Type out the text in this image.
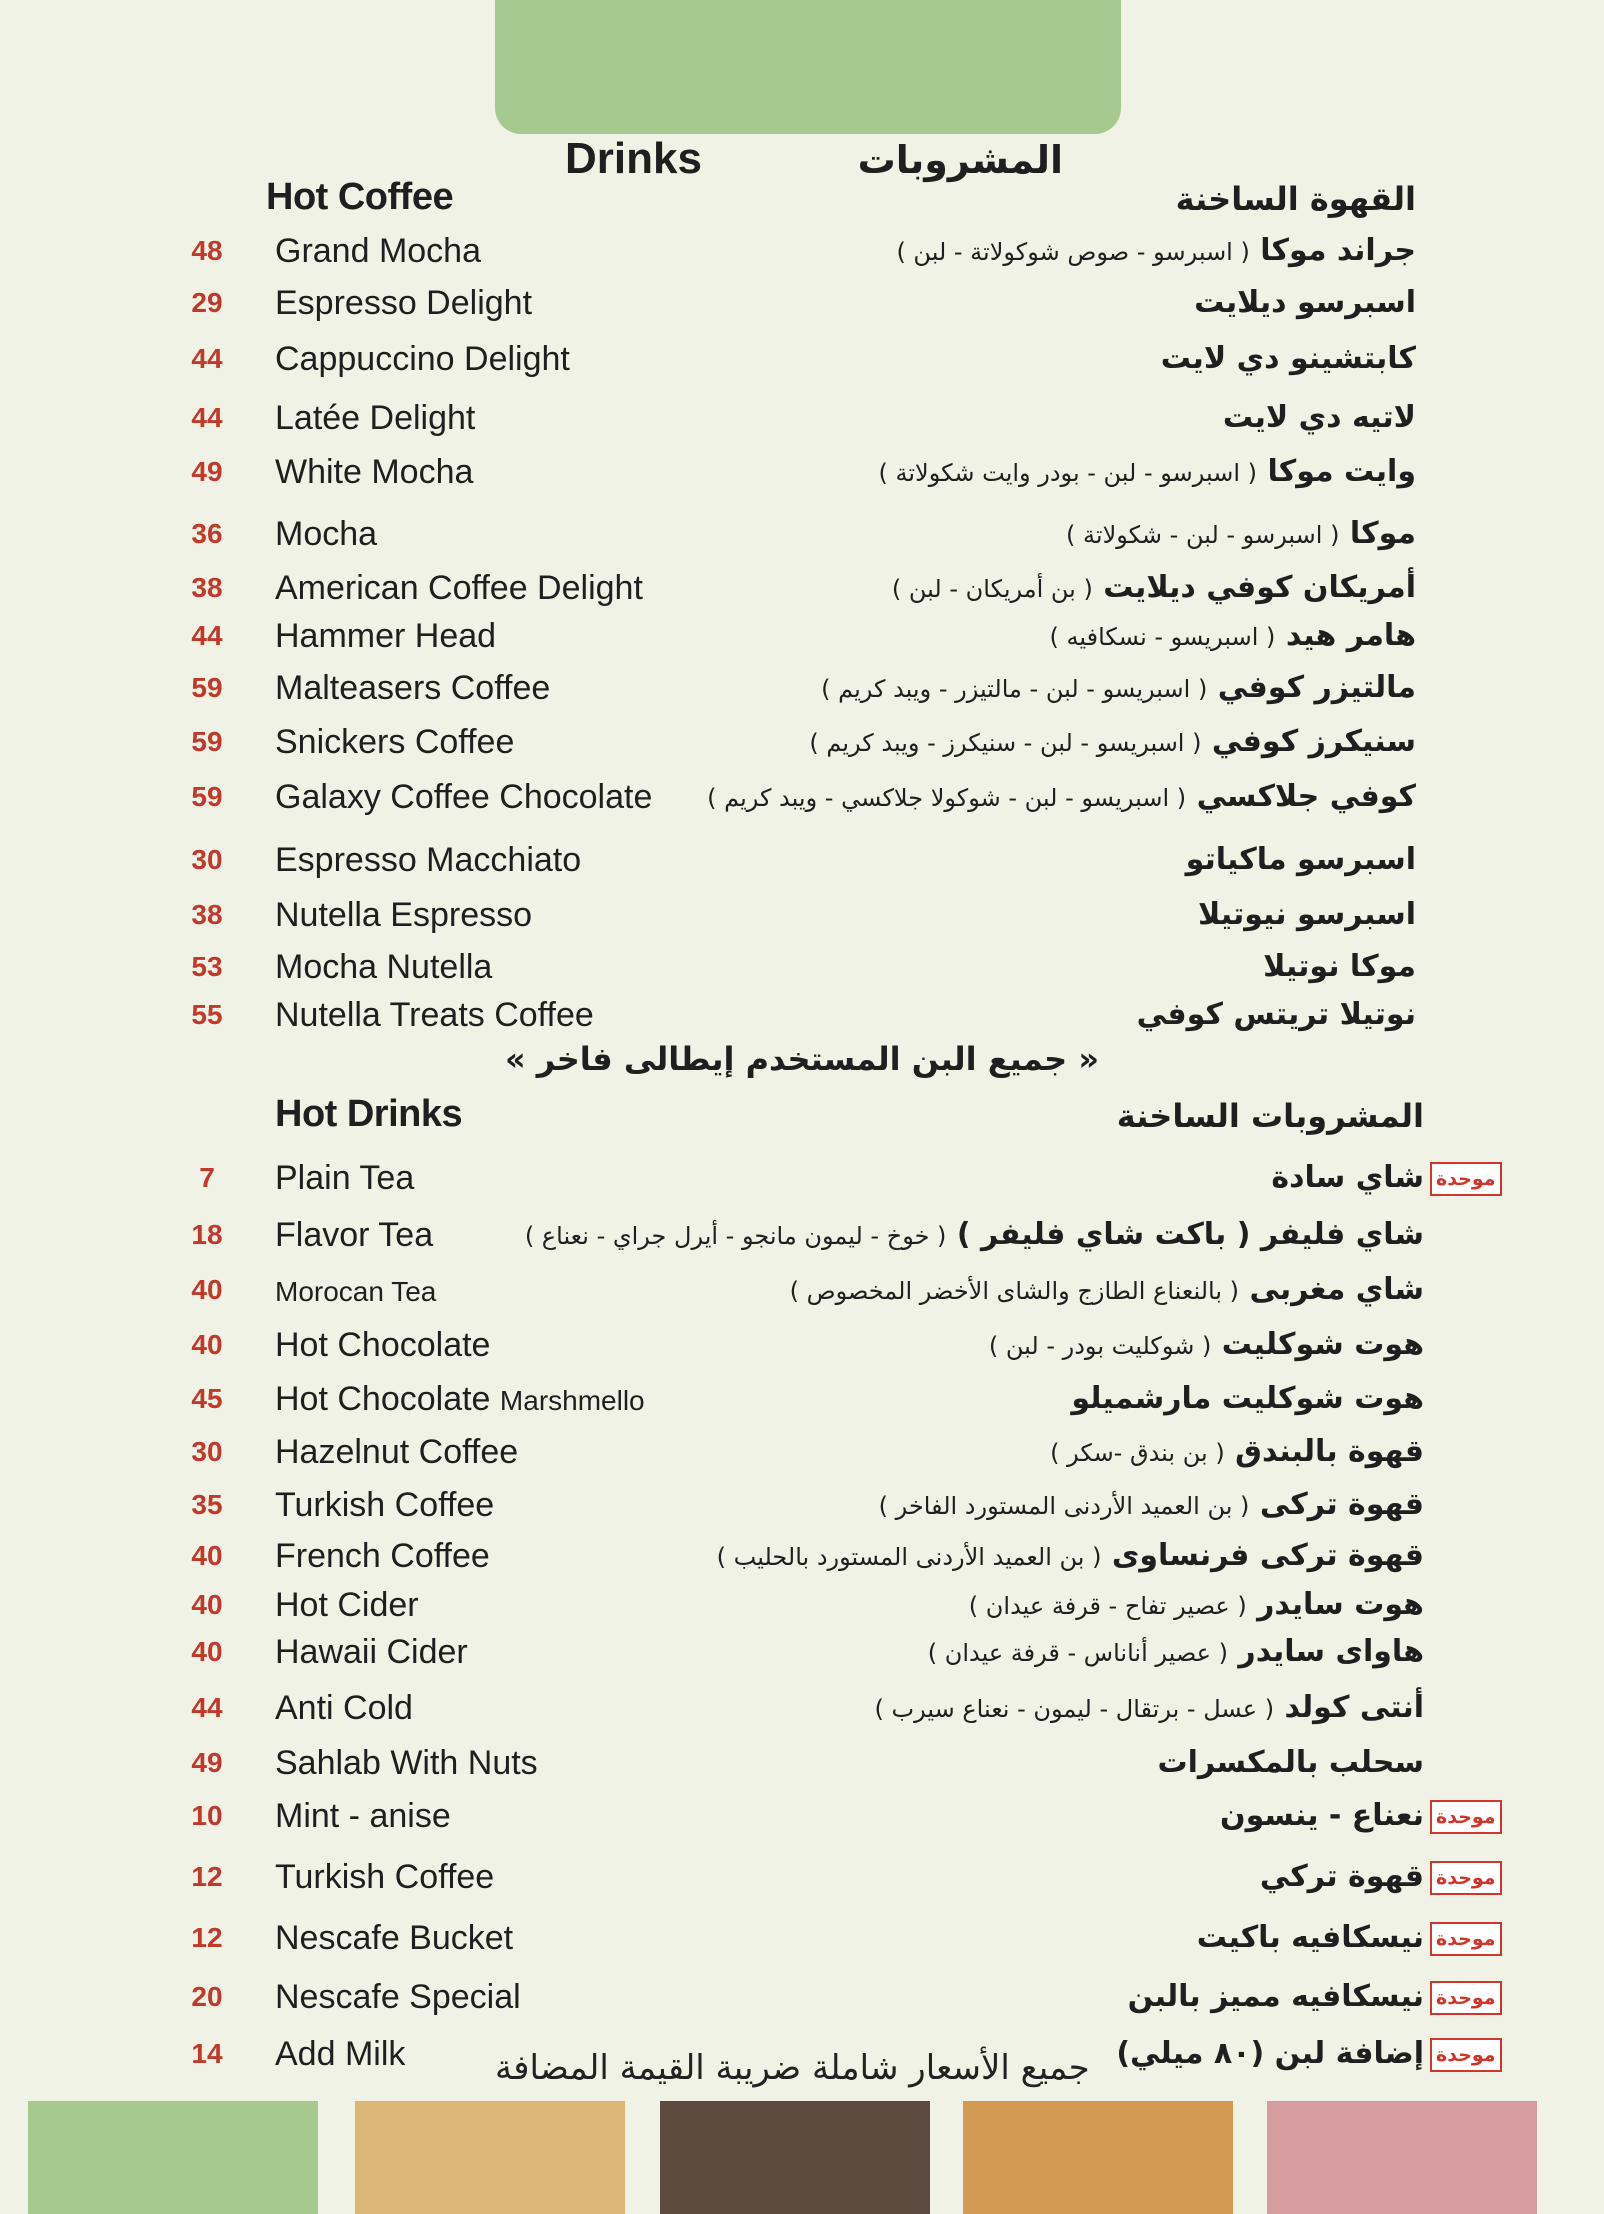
Drinks	المشروبات
Hot Coffee	القهوة الساخنة
48 Grand Mocha	جراند موكا ( اسبرسو - صوص شوكولاتة - لبن )
29 Espresso Delight	اسبرسو ديلايت
44 Cappuccino Delight	كابتشينو دي لايت
44 Latée Delight	لاتيه دي لايت
49 White Mocha	وايت موكا ( اسبرسو - لبن - بودر وايت شكولاتة )
36 Mocha	موكا ( اسبرسو - لبن - شكولاتة )
38 American Coffee Delight	أمريكان كوفي ديلايت ( بن أمريكان - لبن )
44 Hammer Head	هامر هيد ( اسبريسو - نسكافيه )
59 Malteasers Coffee	مالتيزر كوفي ( اسبريسو - لبن - مالتيزر - ويبد كريم )
59 Snickers Coffee	سنيكرز كوفي ( اسبريسو - لبن - سنيكرز - ويبد كريم )
59 Galaxy Coffee Chocolate	كوفي جلاكسي ( اسبريسو - لبن - شوكولا جلاكسي - ويبد كريم )
30 Espresso Macchiato	اسبرسو ماكياتو
38 Nutella Espresso	اسبرسو نيوتيلا
53 Mocha Nutella	موكا نوتيلا
55 Nutella Treats Coffee	نوتيلا تريتس كوفي
« جميع البن المستخدم إيطالى فاخر »
Hot Drinks	المشروبات الساخنة
7	Plain Tea	شاي سادة موحدة
18 Flavor Tea	شاي فليفر ( باكت شاي فليفر ) ( خوخ - ليمون مانجو - أيرل جراي - نعناع )
40	Morocan Tea	شاي مغربى ( بالنعناع الطازج والشاى الأخضر المخصوص )
40 Hot Chocolate	هوت شوكليت ( شوكليت بودر - لبن )
45 Hot Chocolate Marshmello	هوت شوكليت مارشميلو
30 Hazelnut Coffee	قهوة بالبندق ( بن بندق -سكر )
35 Turkish Coffee	قهوة تركى ( بن العميد الأردنى المستورد الفاخر )
40 French Coffee	قهوة تركى فرنساوى ( بن العميد الأردنى المستورد بالحليب )
40 Hot Cider	هوت سايدر ( عصير تفاح - قرفة عيدان )
40 Hawaii Cider	هاواى سايدر ( عصير أناناس - قرفة عيدان )
44 Anti Cold	أنتى كولد ( عسل - برتقال - ليمون - نعناع سيرب )
49 Sahlab With Nuts	سحلب بالمكسرات
10 Mint - anise	نعناع - ينسون موحدة
12 Turkish Coffee	قهوة تركي موحدة
12 Nescafe Bucket	نيسكافيه باكيت موحدة
20 Nescafe Special	نيسكافيه مميز بالبن موحدة
14 Add Milk	إضافة لبن (٨٠ ميلي) موحدة
جميع الأسعار شاملة ضريبة القيمة المضافة
